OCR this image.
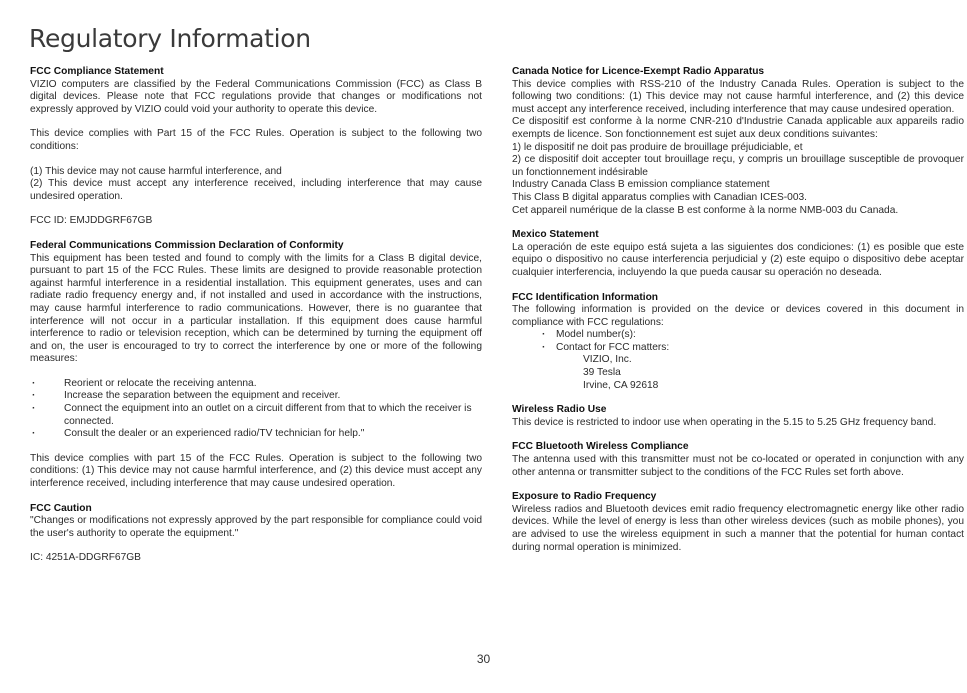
Regulatory Information
FCC Compliance Statement

VIZIO computers are classified by the Federal Communications Commission (FCC) as Class B digital devices. Please note that FCC regulations provide that changes or modifications not expressly approved by VIZIO could void your authority to operate this device.

This device complies with Part 15 of the FCC Rules. Operation is subject to the following two conditions:

(1) This device may not cause harmful interference, and

(2) This device must accept any interference received, including interference that may cause undesired operation.

FCC ID: EMJDDGRF67GB

Federal Communications Commission Declaration of Conformity

This equipment has been tested and found to comply with the limits for a Class B digital device, pursuant to part 15 of the FCC Rules. These limits are designed to provide reasonable protection against harmful interference in a residential installation. This equipment generates, uses and can radiate radio frequency energy and, if not installed and used in accordance with the instructions, may cause harmful interference to radio communications. However, there is no guarantee that interference will not occur in a particular installation. If this equipment does cause harmful interference to radio or television reception, which can be determined by turning the equipment off and on, the user is encouraged to try to correct the interference by one or more of the following measures:

· Reorient or relocate the receiving antenna.
· Increase the separation between the equipment and receiver.
· Connect the equipment into an outlet on a circuit different from that to which the receiver is connected.
· Consult the dealer or an experienced radio/TV technician for help."

This device complies with part 15 of the FCC Rules. Operation is subject to the following two conditions: (1) This device may not cause harmful interference, and (2) this device must accept any interference received, including interference that may cause undesired operation.

FCC Caution

"Changes or modifications not expressly approved by the part responsible for compliance could void the user's authority to operate the equipment."

IC: 4251A-DDGRF67GB

Canada Notice for Licence-Exempt Radio Apparatus

This device complies with RSS-210 of the Industry Canada Rules. Operation is subject to the following two conditions: (1) This device may not cause harmful interference, and (2) this device must accept any interference received, including interference that may cause undesired operation.

Ce dispositif est conforme à la norme CNR-210 d'Industrie Canada applicable aux appareils radio exempts de licence. Son fonctionnement est sujet aux deux conditions suivantes:

1) le dispositif ne doit pas produire de brouillage préjudiciable, et

2) ce dispositif doit accepter tout brouillage reçu, y compris un brouillage susceptible de provoquer un fonctionnement indésirable

Industry Canada Class B emission compliance statement

This Class B digital apparatus complies with Canadian ICES-003.

Cet appareil numérique de la classe B est conforme à la norme NMB-003 du Canada.

Mexico Statement

La operación de este equipo está sujeta a las siguientes dos condiciones: (1) es posible que este equipo o dispositivo no cause interferencia perjudicial y (2) este equipo o dispositivo debe aceptar cualquier interferencia, incluyendo la que pueda causar su operación no deseada.

FCC Identification Information

The following information is provided on the device or devices covered in this document in compliance with FCC regulations:

· Model number(s):
· Contact for FCC matters:
VIZIO, Inc.
39 Tesla
Irvine, CA 92618
Wireless Radio Use

This device is restricted to indoor use when operating in the 5.15 to 5.25 GHz frequency band.

FCC Bluetooth Wireless Compliance

The antenna used with this transmitter must not be co-located or operated in conjunction with any other antenna or transmitter subject to the conditions of the FCC Rules set forth above.

Exposure to Radio Frequency

Wireless radios and Bluetooth devices emit radio frequency electromagnetic energy like other radio devices. While the level of energy is less than other wireless devices (such as mobile phones), you are advised to use the wireless equipment in such a manner that the potential for human contact during normal operation is minimized.

30
